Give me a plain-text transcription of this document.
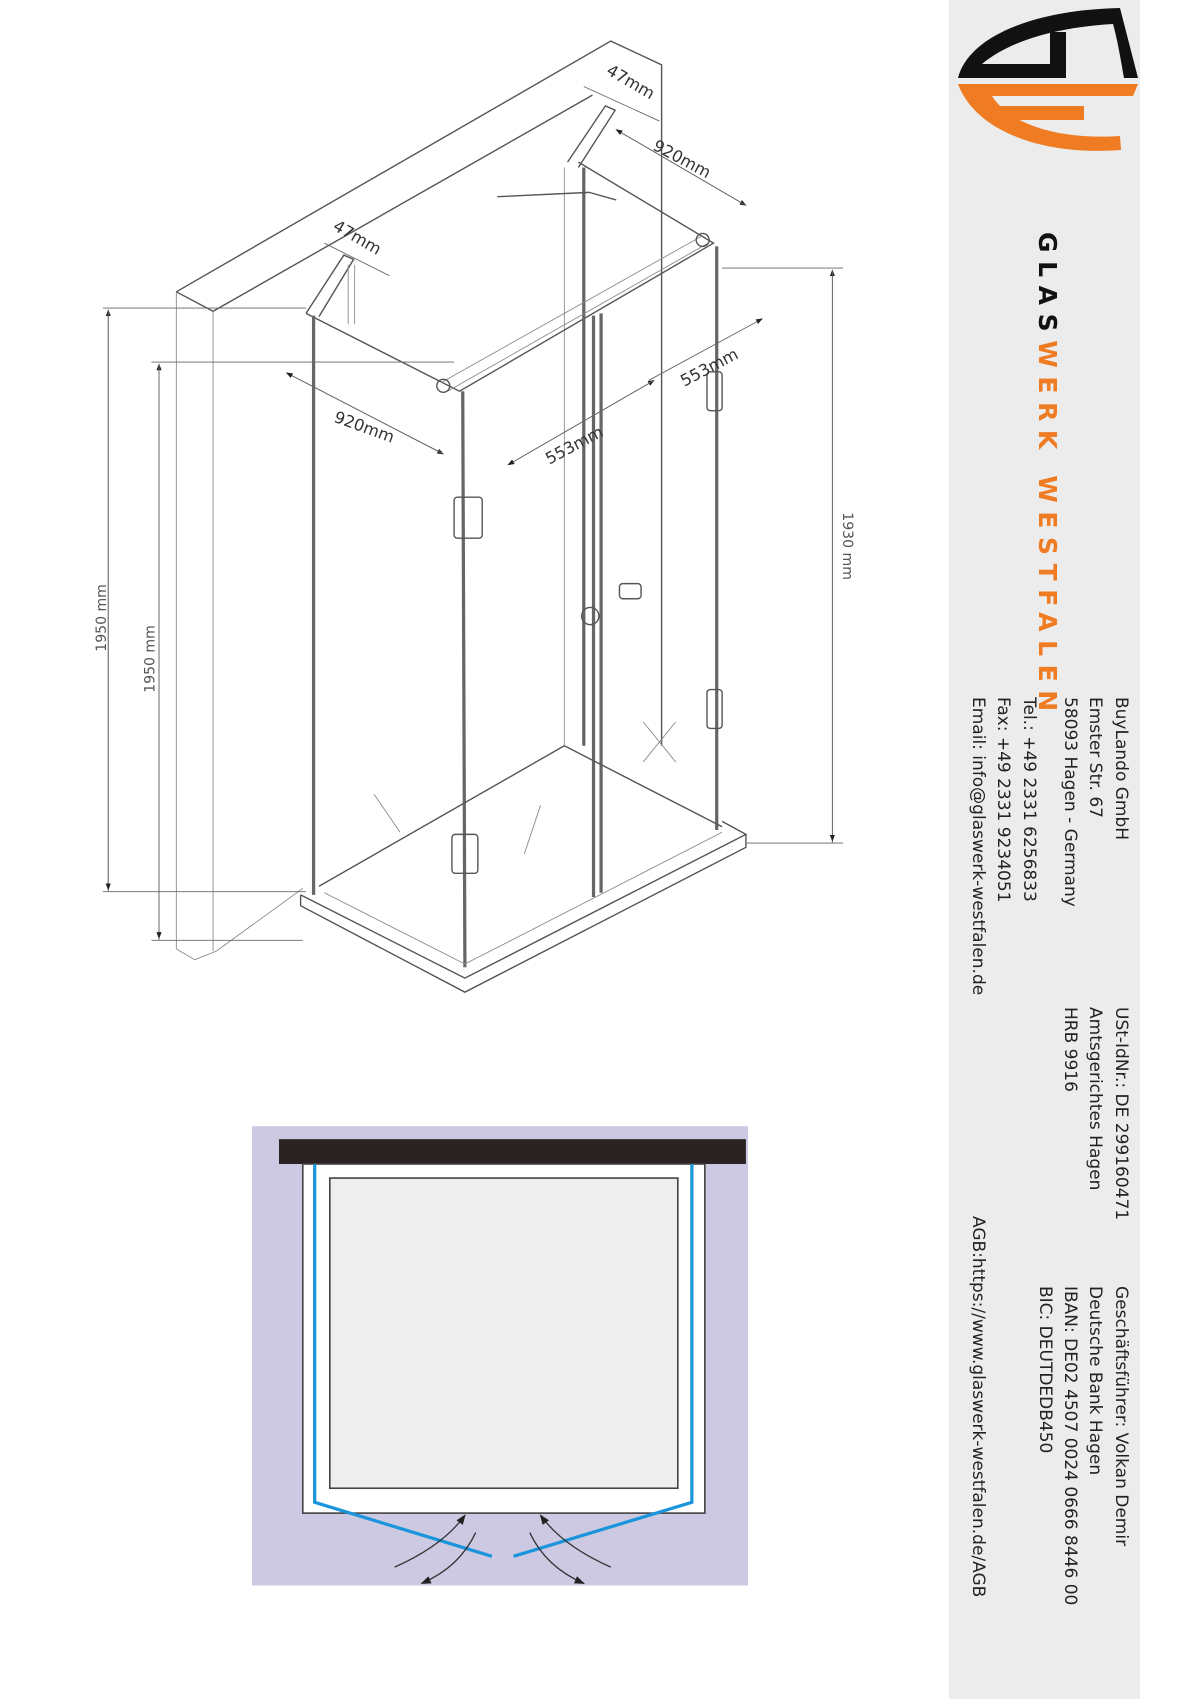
1950 mm
1950 mm
1930 mm
920mm	553mm
553mm
920mm
47mm
47mm	GLASWERK WESTFALEN
BuyLando GmbH
Emster Str. 67
58093 Hagen - Germany
Tel.: +49 2331 6256833
Fax: +49 2331 9234051
Email: info@glaswerk-westfalen.de
USt-IdNr.: DE 299160471
Amtsgerichtes Hagen
HRB 9916
Geschäftsführer: Volkan Demir
Deutsche Bank Hagen
IBAN: DE02 4507 0024 0666 8446 00
BIC: DEUTDEDB450
AGB:https://www.glaswerk-westfalen.de/AGB
